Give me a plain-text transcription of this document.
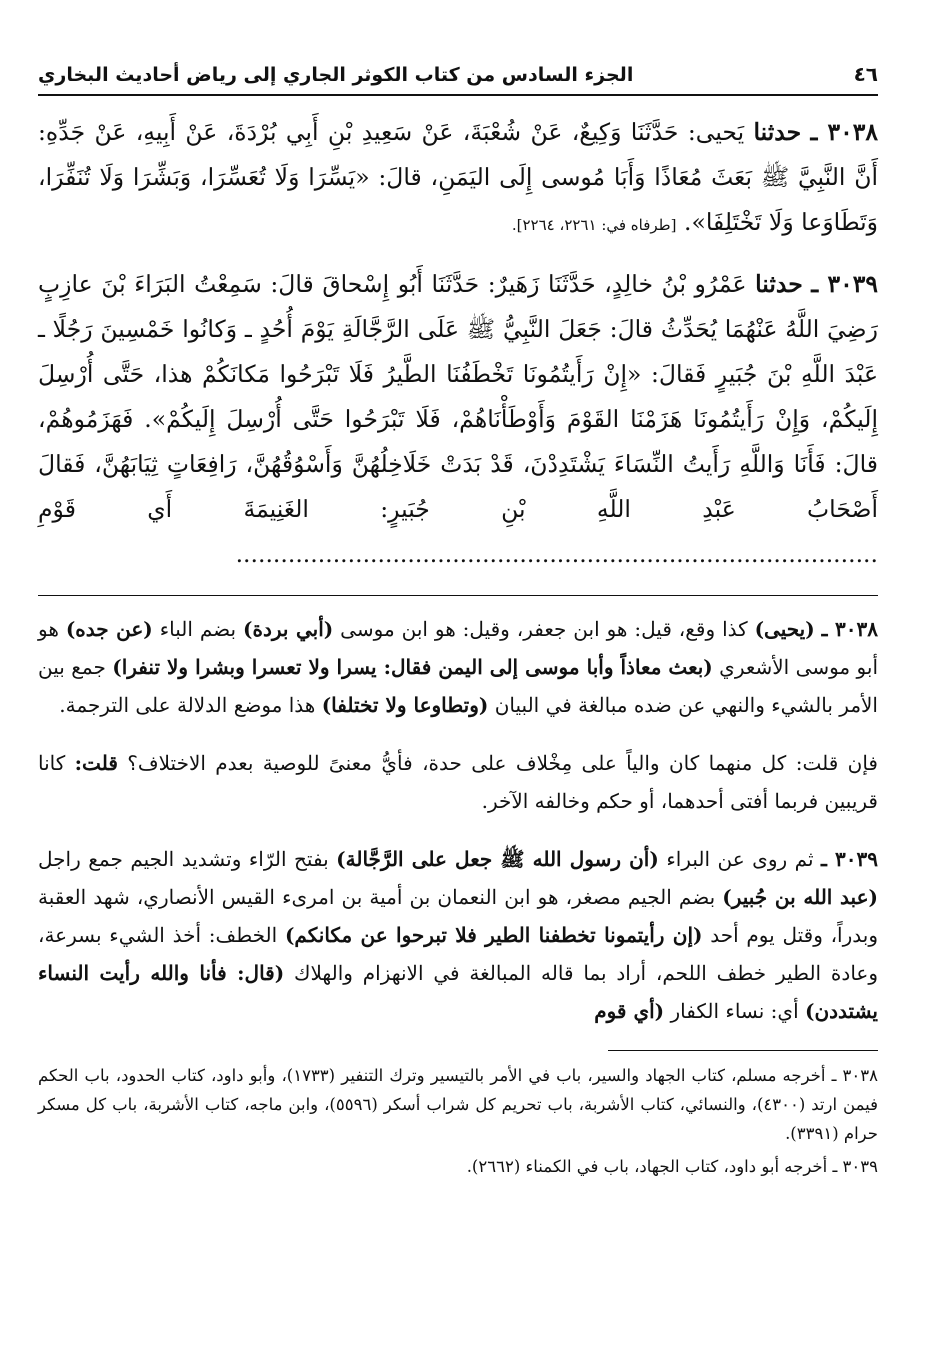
٤٦
الجزء السادس من كتاب الكوثر الجاري إلى رياض أحاديث البخاري

٣٠٣٨ ـ حدثنا يَحيى: حَدَّثَنَا وَكِيعٌ، عَنْ شُعْبَةَ، عَنْ سَعِيدِ بْنِ أَبِي بُرْدَةَ، عَنْ أَبِيهِ، عَنْ جَدِّهِ: أَنَّ النَّبِيَّ ﷺ بَعَثَ مُعَاذًا وَأَبَا مُوسى إِلَى اليَمَنِ، قالَ: «يَسِّرَا وَلَا تُعَسِّرَا، وَبَشِّرَا وَلَا تُنَفِّرَا، وَتَطَاوَعا وَلَا تَخْتَلِفَا». [طرفاه في: ٢٢٦١، ٢٢٦٤].

٣٠٣٩ ـ حدثنا عَمْرُو بْنُ خالِدٍ، حَدَّثَنَا زَهَيرٌ: حَدَّثَنَا أَبُو إِسْحاقَ قالَ: سَمِعْتُ البَرَاءَ بْنَ عازِبٍ رَضِيَ اللَّهُ عَنْهُمَا يُحَدِّثُ قالَ: جَعَلَ النَّبِيُّ ﷺ عَلَى الرَّجَّالَةِ يَوْمَ أُحُدٍ ـ وَكانُوا خَمْسِينَ رَجُلًا ـ عَبْدَ اللَّهِ بْنَ جُبَيرٍ فَقالَ: «إِنْ رَأَيتُمُونَا تَخْطَفُنَا الطَّيرُ فَلَا تَبْرَحُوا مَكانَكُمْ هذا، حَتَّى أُرْسِلَ إِلَيكُمْ، وَإِنْ رَأَيتُمُونَا هَزَمْنَا القَوْمَ وَأَوْطَأْنَاهُمْ، فَلَا تَبْرَحُوا حَتَّى أُرْسِلَ إِلَيكُمْ». فَهَزَمُوهُمْ، قالَ: فَأَنَا وَاللَّهِ رَأَيتُ النِّسَاءَ يَشْتَدِدْنَ، قَدْ بَدَتْ خَلَاخِلُهُنَّ وَأَسْوُقُهُنَّ، رَافِعَاتٍ ثِيَابَهُنَّ، فَقالَ أَصْحَابُ عَبْدِ اللَّهِ بْنِ جُبَيرٍ: الغَنِيمَةَ أَي قَوْمِ ......................................................................................

٣٠٣٨ ـ (يحيى) كذا وقع، قيل: هو ابن جعفر، وقيل: هو ابن موسى (أبي بردة) بضم الباء (عن جده) هو أبو موسى الأشعري (بعث معاذاً وأبا موسى إلى اليمن فقال: يسرا ولا تعسرا وبشرا ولا تنفرا) جمع بين الأمر بالشيء والنهي عن ضده مبالغة في البيان (وتطاوعا ولا تختلفا) هذا موضع الدلالة على الترجمة.

فإن قلت: كل منهما كان والياً على مِخْلاف على حدة، فأيُّ معنىً للوصية بعدم الاختلاف؟ قلت: كانا قريبين فربما أفتى أحدهما، أو حكم وخالفه الآخر.

٣٠٣٩ ـ ثم روى عن البراء (أن رسول الله ﷺ جعل على الرَّجَّالة) بفتح الرّاء وتشديد الجيم جمع راجل (عبد الله بن جُبير) بضم الجيم مصغر، هو ابن النعمان بن أمية بن امرىء القيس الأنصاري، شهد العقبة وبدراً، وقتل يوم أحد (إن رأيتمونا تخطفنا الطير فلا تبرحوا عن مكانكم) الخطف: أخذ الشيء بسرعة، وعادة الطير خطف اللحم، أراد بما قاله المبالغة في الانهزام والهلاك (قال: فأنا والله رأيت النساء يشتددن) أي: نساء الكفار (أي قوم

٣٠٣٨ ـ أخرجه مسلم، كتاب الجهاد والسير، باب في الأمر بالتيسير وترك التنفير (١٧٣٣)، وأبو داود، كتاب الحدود، باب الحكم فيمن ارتد (٤٣٠٠)، والنسائي، كتاب الأشربة، باب تحريم كل شراب أسكر (٥٥٩٦)، وابن ماجه، كتاب الأشربة، باب كل مسكر حرام (٣٣٩١).

٣٠٣٩ ـ أخرجه أبو داود، كتاب الجهاد، باب في الكمناء (٢٦٦٢).
